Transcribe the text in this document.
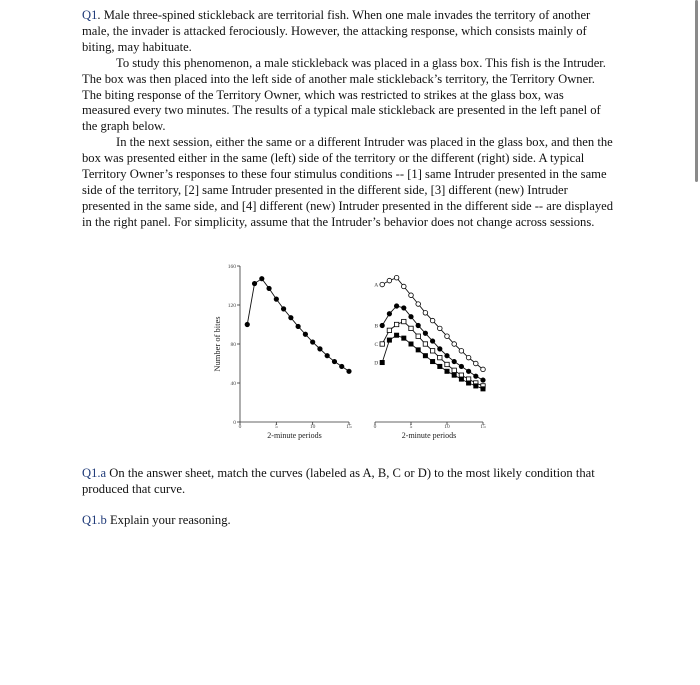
Q1. Male three-spined stickleback are territorial fish. When one male invades the territory of another male, the invader is attacked ferociously. However, the attacking response, which consists mainly of biting, may habituate.

To study this phenomenon, a male stickleback was placed in a glass box. This fish is the Intruder. The box was then placed into the left side of another male stickleback’s territory, the Territory Owner. The biting response of the Territory Owner, which was restricted to strikes at the glass box, was measured every two minutes. The results of a typical male stickleback are presented in the left panel of the graph below.

In the next session, either the same or a different Intruder was placed in the glass box, and then the box was presented either in the same (left) side of the territory or the different (right) side. A typical Territory Owner’s responses to these four stimulus conditions -- [1] same Intruder presented in the same side of the territory, [2] same Intruder presented in the different side, [3] different (new) Intruder presented in the same side, and [4] different (new) Intruder presented in the different side -- are displayed in the right panel. For simplicity, assume that the Intruder’s behavior does not change across sessions.

0
40
80
120
160
Number of bites
0	5	10	15
2-minute periods
0	5	10	15
2-minute periods
A
B
C
D

Q1.a On the answer sheet, match the curves (labeled as A, B, C or D) to the most likely condition that produced that curve.

Q1.b Explain your reasoning.
